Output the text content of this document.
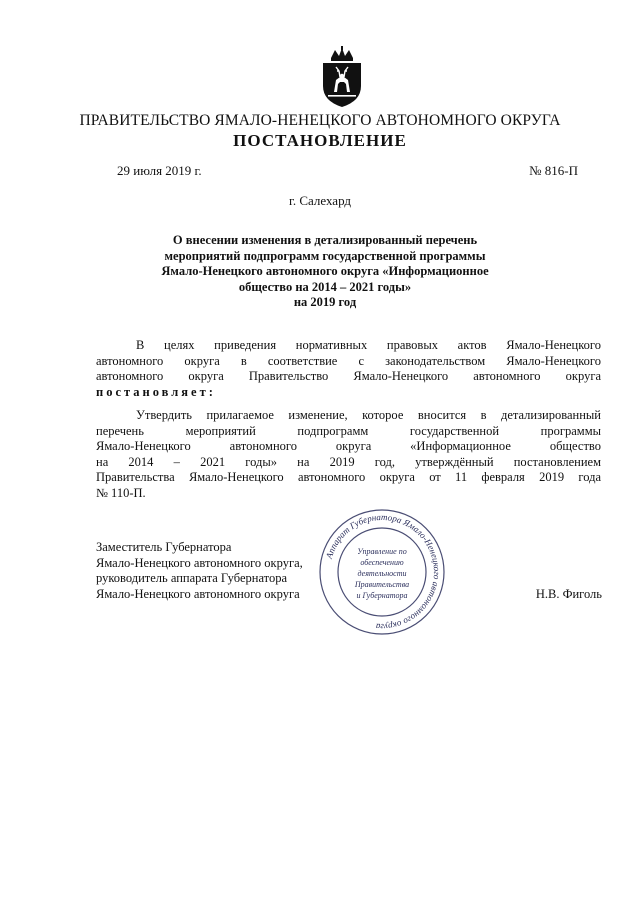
ПРАВИТЕЛЬСТВО ЯМАЛО-НЕНЕЦКОГО АВТОНОМНОГО ОКРУГА
ПОСТАНОВЛЕНИЕ
29 июля 2019 г.	№ 816-П
г. Салехард
О внесении изменения в детализированный перечень
мероприятий подпрограмм государственной программы
Ямало-Ненецкого автономного округа «Информационное
общество на 2014 – 2021 годы»
на 2019 год
В целях приведения нормативных правовых актов Ямало-Ненецкого
автономного округа в соответствие с законодательством Ямало-Ненецкого
автономного округа Правительство Ямало-Ненецкого автономного округа
постановляет:
Утвердить прилагаемое изменение, которое вносится в детализированный
перечень мероприятий подпрограмм государственной программы
Ямало-Ненецкого автономного округа «Информационное общество
на 2014 – 2021 годы» на 2019 год, утверждённый постановлением
Правительства Ямало-Ненецкого автономного округа от 11 февраля 2019 года
№ 110-П.
Заместитель Губернатора
Ямало-Ненецкого автономного округа,
руководитель аппарата Губернатора
Ямало-Ненецкого автономного округа	Н.В. Фиголь
Аппарат Губернатора Ямало-Ненецкого автономного округа
Управление по
обеспечению
деятельности
Правительства
и Губернатора
